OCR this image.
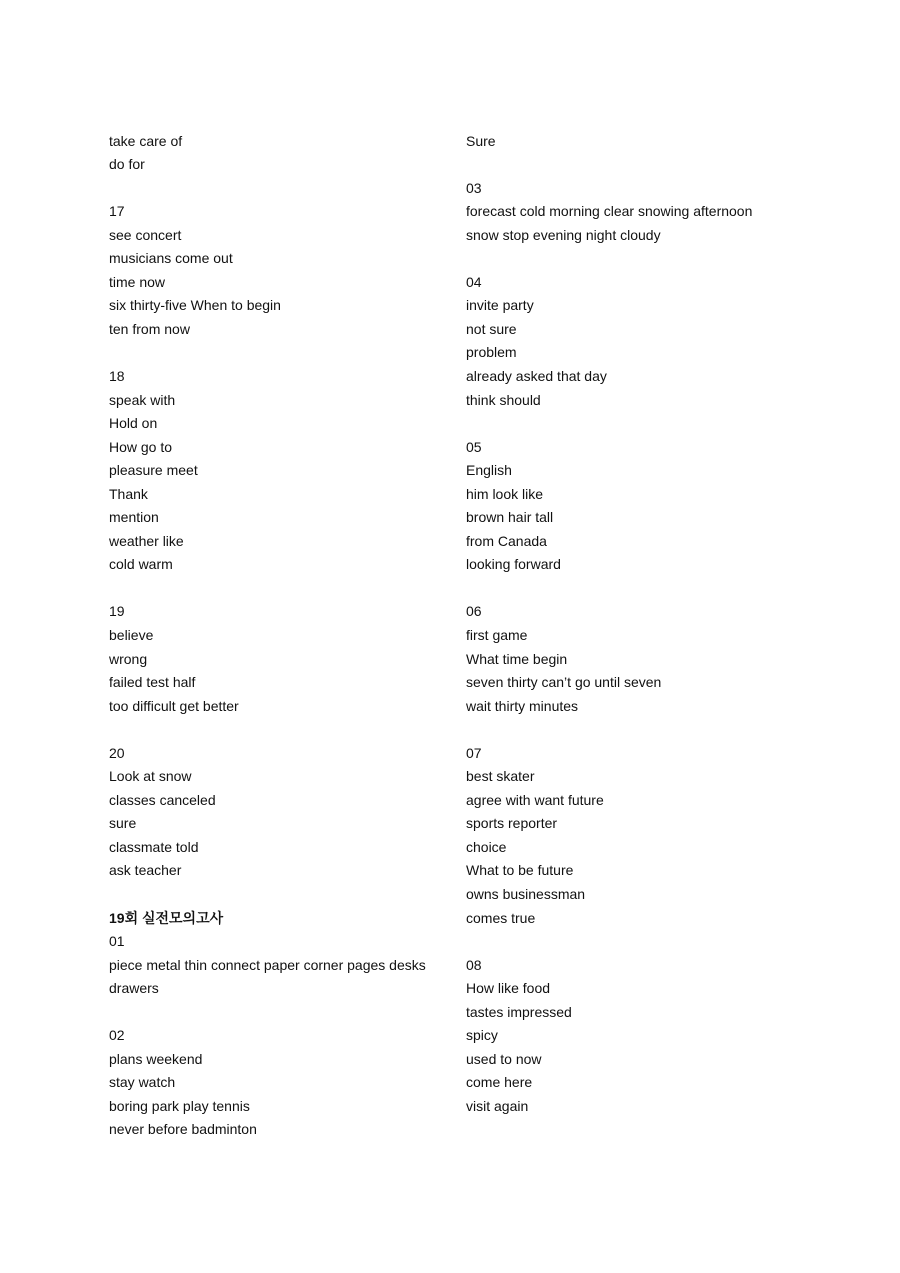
take care of
do for
17
see concert
musicians come out
time now
six thirty-five When to begin
ten from now
18
speak with
Hold on
How go to
pleasure meet
Thank
mention
weather like
cold warm
19
believe
wrong
failed test half
too difficult get better
20
Look at snow
classes canceled
sure
classmate told
ask teacher
19회 실전모의고사
01
piece metal thin connect paper corner pages desks
drawers
02
plans weekend
stay watch
boring park play tennis
never before badminton
Sure
03
forecast cold morning clear snowing afternoon
snow stop evening night cloudy
04
invite party
not sure
problem
already asked that day
think should
05
English
him look like
brown hair tall
from Canada
looking forward
06
first game
What time begin
seven thirty can’t go until seven
wait thirty minutes
07
best skater
agree with want future
sports reporter
choice
What to be future
owns businessman
comes true
08
How like food
tastes impressed
spicy
used to now
come here
visit again
